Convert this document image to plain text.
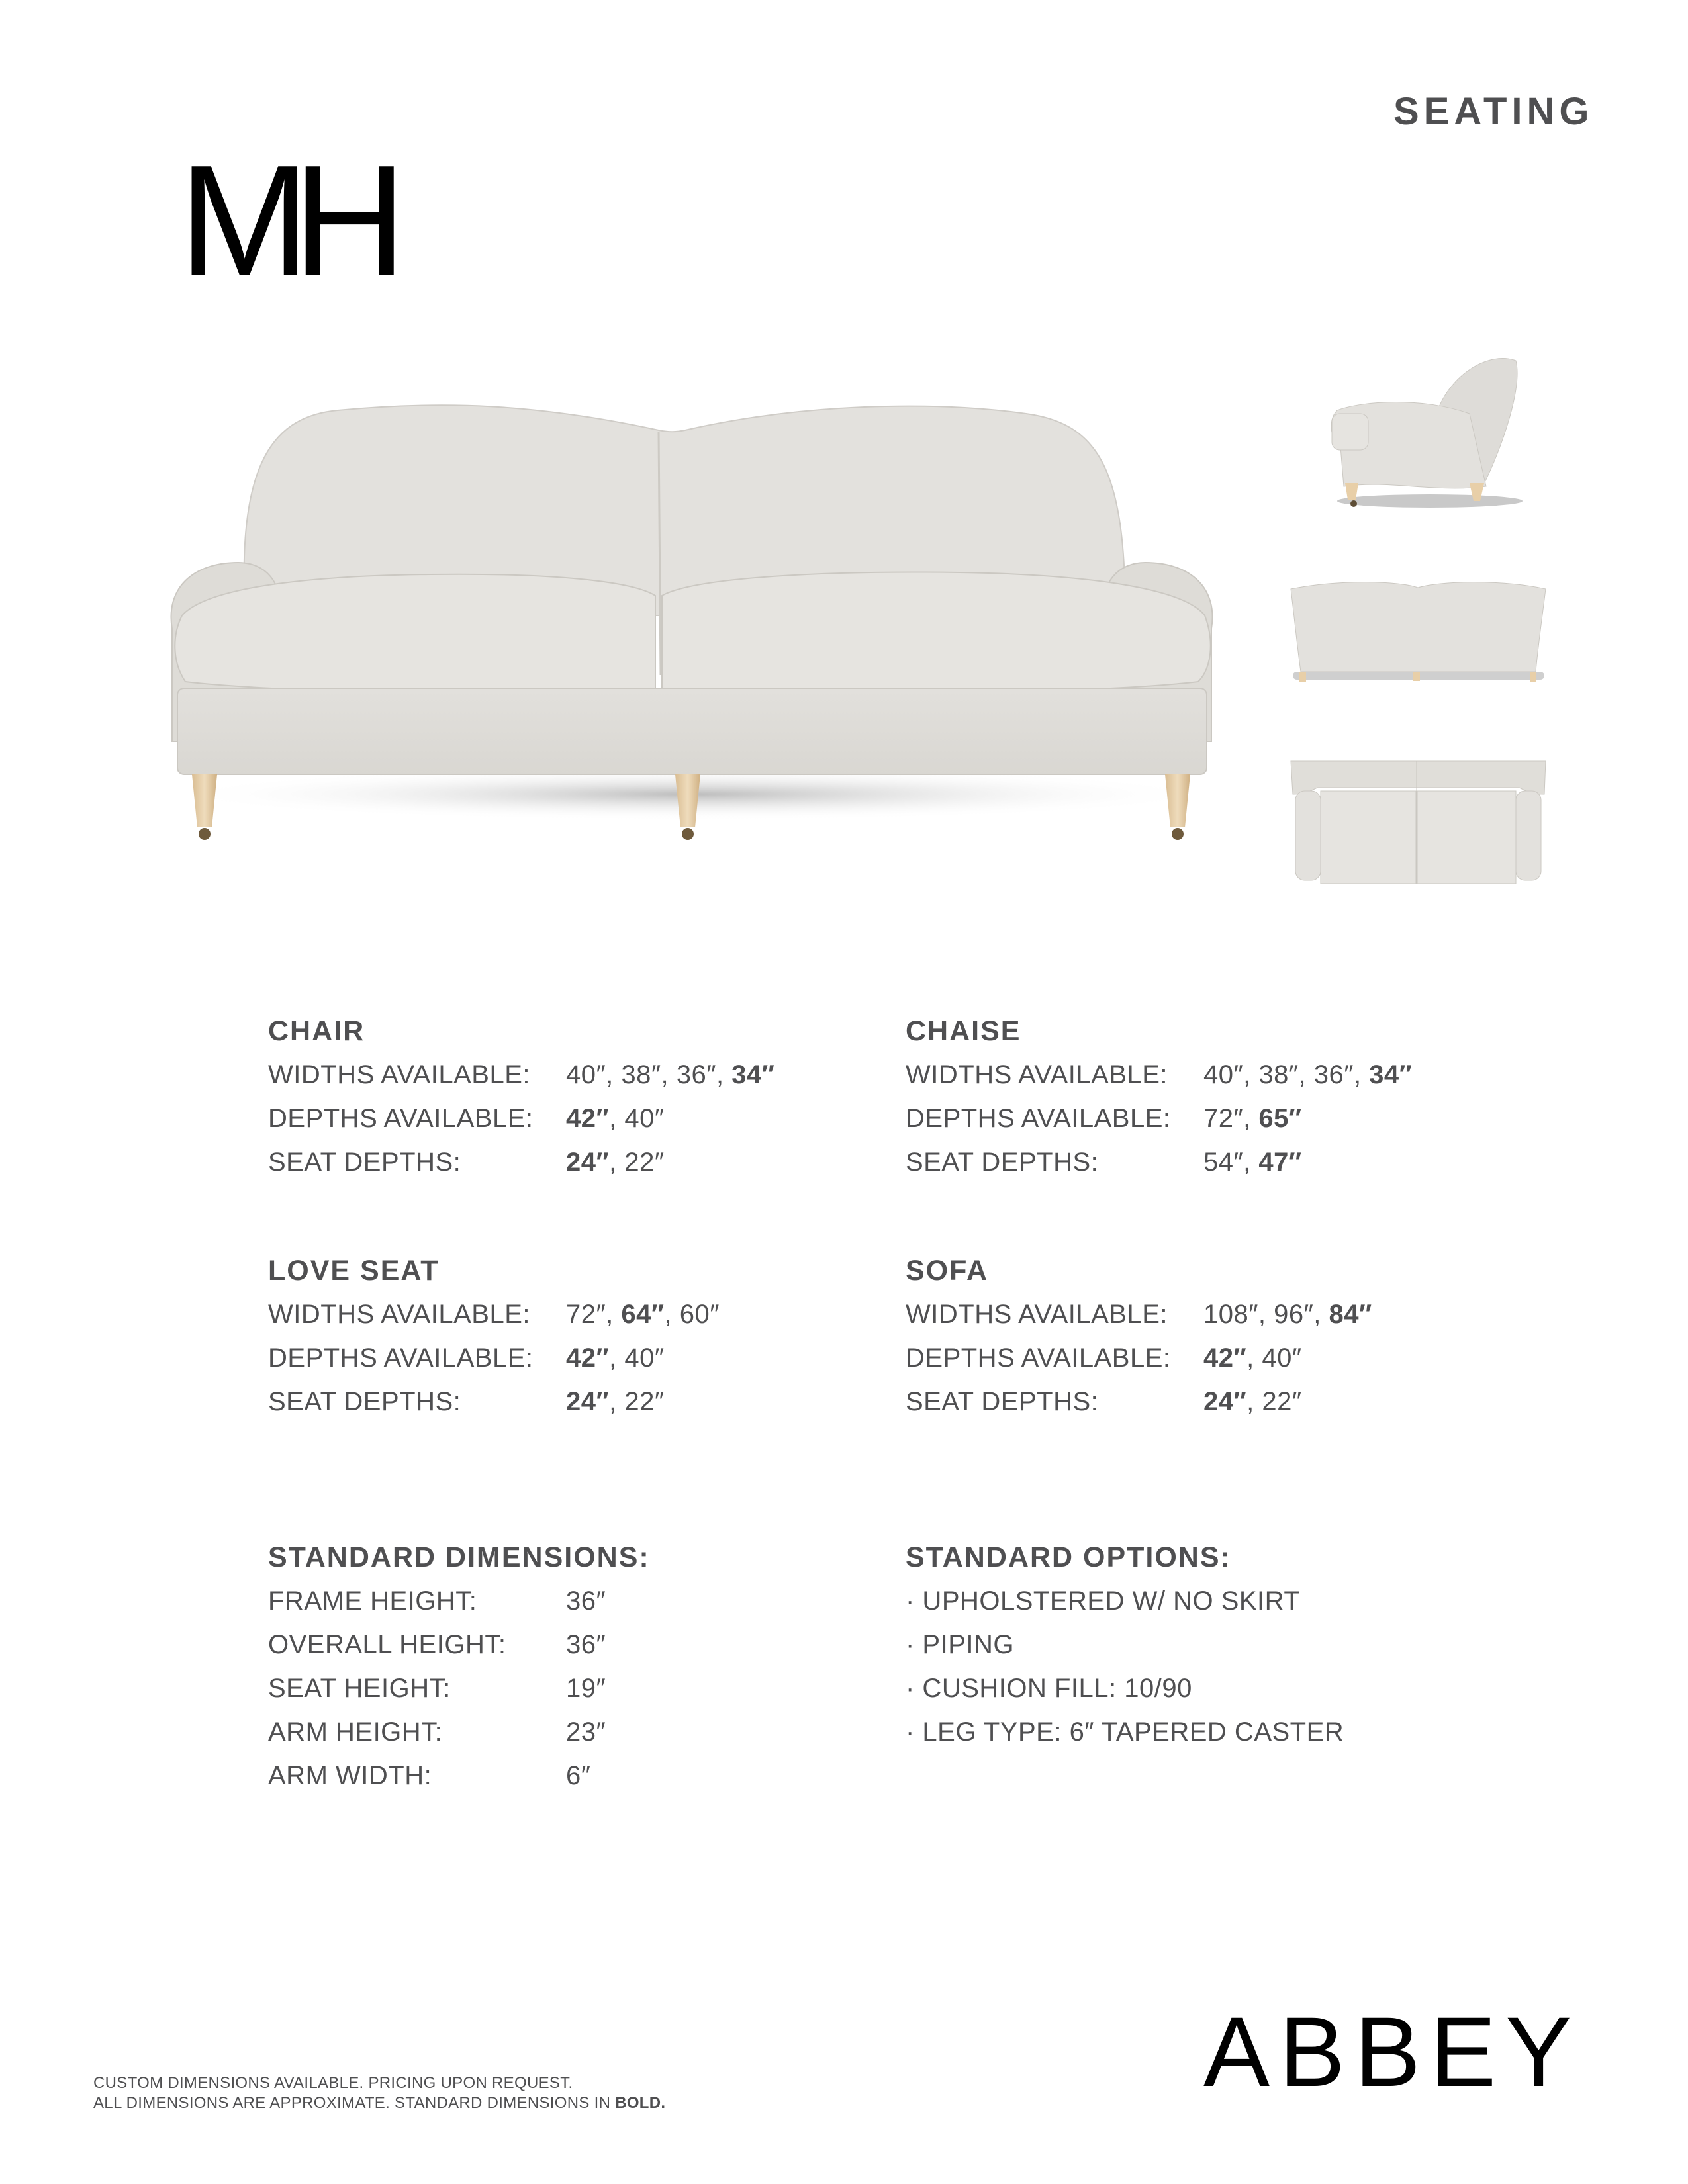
SEATING
MH
CHAIR
WIDTHS AVAILABLE: 40″, 38″, 36″, 34″
DEPTHS AVAILABLE: 42″, 40″
SEAT DEPTHS:	24″, 22″
CHAISE
WIDTHS AVAILABLE: 40″, 38″, 36″, 34″
DEPTHS AVAILABLE: 72″, 65″
SEAT DEPTHS:	54″, 47″
LOVE SEAT
WIDTHS AVAILABLE: 72″, 64″, 60″
DEPTHS AVAILABLE: 42″, 40″
SEAT DEPTHS:	24″, 22″
SOFA
WIDTHS AVAILABLE: 108″, 96″, 84″
DEPTHS AVAILABLE: 42″, 40″
SEAT DEPTHS:	24″, 22″
STANDARD DIMENSIONS:
FRAME HEIGHT:	36″
OVERALL HEIGHT: 36″
SEAT HEIGHT:	19″
ARM HEIGHT:	23″
ARM WIDTH:	6″
STANDARD OPTIONS:
· UPHOLSTERED W/ NO SKIRT
· PIPING
· CUSHION FILL: 10/90
· LEG TYPE: 6″ TAPERED CASTER
CUSTOM DIMENSIONS AVAILABLE. PRICING UPON REQUEST.
ALL DIMENSIONS ARE APPROXIMATE. STANDARD DIMENSIONS IN BOLD.	ABBEY
